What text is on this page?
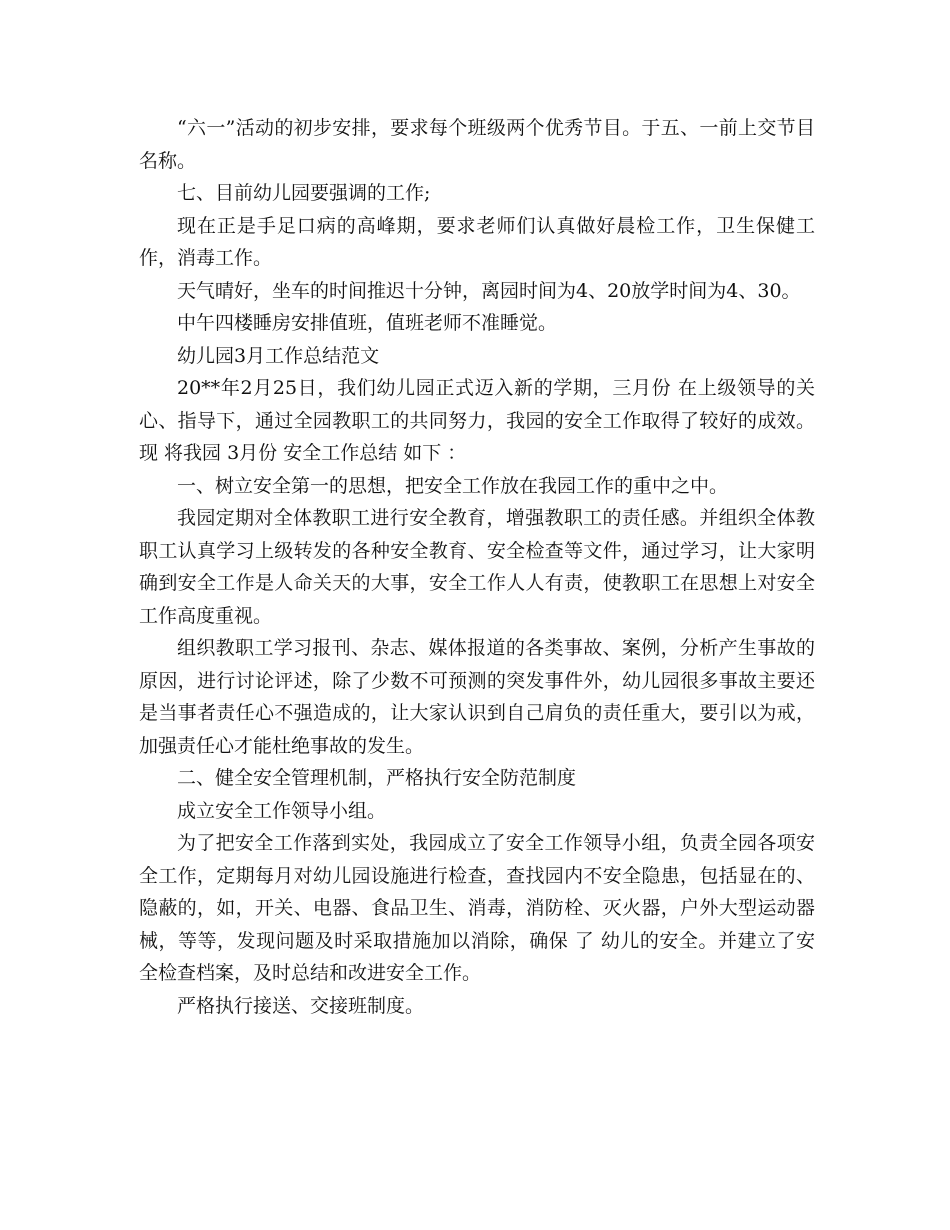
“六一”活动的初步安排，要求每个班级两个优秀节目。于五、一前上交节目名称。

七、目前幼儿园要强调的工作;

现在正是手足口病的高峰期，要求老师们认真做好晨检工作，卫生保健工作，消毒工作。

天气晴好，坐车的时间推迟十分钟，离园时间为4、20放学时间为4、30。

中午四楼睡房安排值班，值班老师不准睡觉。

幼儿园3月工作总结范文

20**年2月25日，我们幼儿园正式迈入新的学期，三月份 在上级领导的关心、指导下，通过全园教职工的共同努力，我园的安全工作取得了较好的成效。现 将我园 3月份 安全工作总结 如下 ：

一、树立安全第一的思想，把安全工作放在我园工作的重中之中。

我园定期对全体教职工进行安全教育，增强教职工的责任感。并组织全体教职工认真学习上级转发的各种安全教育、安全检查等文件，通过学习，让大家明确到安全工作是人命关天的大事，安全工作人人有责，使教职工在思想上对安全工作高度重视。

组织教职工学习报刊、杂志、媒体报道的各类事故、案例，分析产生事故的原因，进行讨论评述，除了少数不可预测的突发事件外，幼儿园很多事故主要还是当事者责任心不强造成的，让大家认识到自己肩负的责任重大，要引以为戒，加强责任心才能杜绝事故的发生。

二、健全安全管理机制，严格执行安全防范制度

成立安全工作领导小组。

为了把安全工作落到实处，我园成立了安全工作领导小组，负责全园各项安全工作，定期每月对幼儿园设施进行检查，查找园内不安全隐患，包括显在的、隐蔽的，如，开关、电器、食品卫生、消毒，消防栓、灭火器，户外大型运动器械，等等，发现问题及时采取措施加以消除，确保 了 幼儿的安全。并建立了安全检查档案，及时总结和改进安全工作。

严格执行接送、交接班制度。
